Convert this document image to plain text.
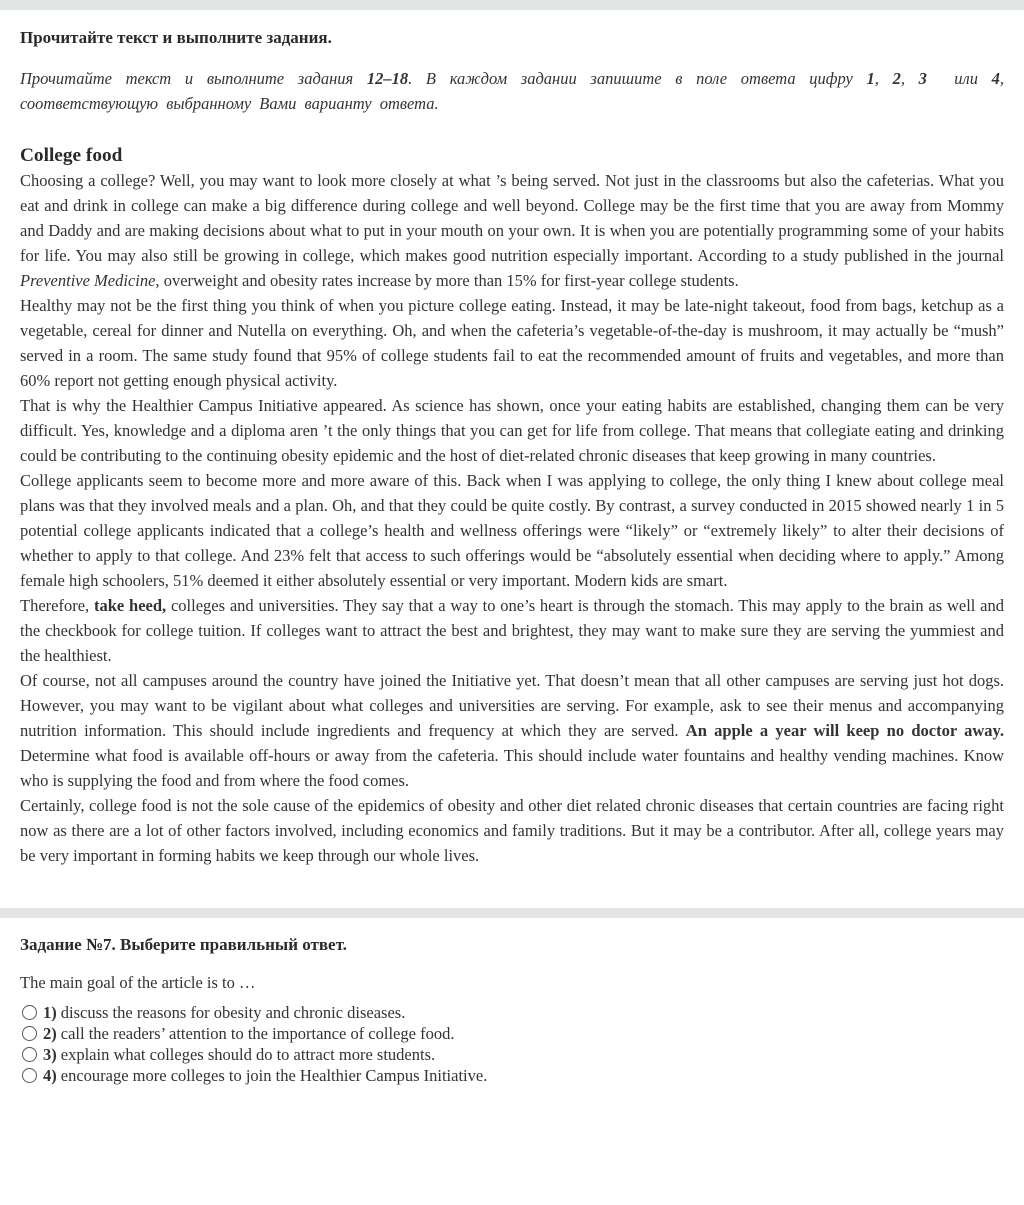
Прочитайте текст и выполните задания.

Прочитайте текст и выполните задания 12–18. В каждом задании запишите в поле ответа цифру 1, 2, 3  или 4, соответствующую выбранному Вами варианту ответа.

College food

Choosing a college? Well, you may want to look more closely at what ’s being served. Not just in the classrooms but also the cafeterias. What you eat and drink in college can make a big difference during college and well beyond. College may be the first time that you are away from Mommy and Daddy and are making decisions about what to put in your mouth on your own. It is when you are potentially programming some of your habits for life. You may also still be growing in college, which makes good nutrition especially important. According to a study published in the journal Preventive Medicine, overweight and obesity rates increase by more than 15% for first-year college students.

Healthy may not be the first thing you think of when you picture college eating. Instead, it may be late-night takeout, food from bags, ketchup as a vegetable, cereal for dinner and Nutella on everything. Oh, and when the cafeteria’s vegetable-of-the-day is mushroom, it may actually be “mush” served in a room. The same study found that 95% of college students fail to eat the recommended amount of fruits and vegetables, and more than 60% report not getting enough physical activity.

That is why the Healthier Campus Initiative appeared. As science has shown, once your eating habits are established, changing them can be very difficult. Yes, knowledge and a diploma aren ’t the only things that you can get for life from college. That means that collegiate eating and drinking could be contributing to the continuing obesity epidemic and the host of diet-related chronic diseases that keep growing in many countries.

College applicants seem to become more and more aware of this. Back when I was applying to college, the only thing I knew about college meal plans was that they involved meals and a plan. Oh, and that they could be quite costly. By contrast, a survey conducted in 2015 showed nearly 1 in 5 potential college applicants indicated that a college’s health and wellness offerings were “likely” or “extremely likely” to alter their decisions of whether to apply to that college. And 23% felt that access to such offerings would be “absolutely essential when deciding where to apply.” Among female high schoolers, 51% deemed it either absolutely essential or very important. Modern kids are smart.

Therefore, take heed, colleges and universities. They say that a way to one’s heart is through the stomach. This may apply to the brain as well and the checkbook for college tuition. If colleges want to attract the best and brightest, they may want to make sure they are serving the yummiest and the healthiest.

Of course, not all campuses around the country have joined the Initiative yet. That doesn’t mean that all other campuses are serving just hot dogs. However, you may want to be vigilant about what colleges and universities are serving. For example, ask to see their menus and accompanying nutrition information. This should include ingredients and frequency at which they are served. An apple a year will keep no doctor away. Determine what food is available off-hours or away from the cafeteria. This should include water fountains and healthy vending machines. Know who is supplying the food and from where the food comes.

Certainly, college food is not the sole cause of the epidemics of obesity and other diet related chronic diseases that certain countries are facing right now as there are a lot of other factors involved, including economics and family traditions. But it may be a contributor. After all, college years may be very important in forming habits we keep through our whole lives.

Задание №7. Выберите правильный ответ.

The main goal of the article is to …

1) discuss the reasons for obesity and chronic diseases.
2) call the readers’ attention to the importance of college food.
3) explain what colleges should do to attract more students.
4) encourage more colleges to join the Healthier Campus Initiative.
